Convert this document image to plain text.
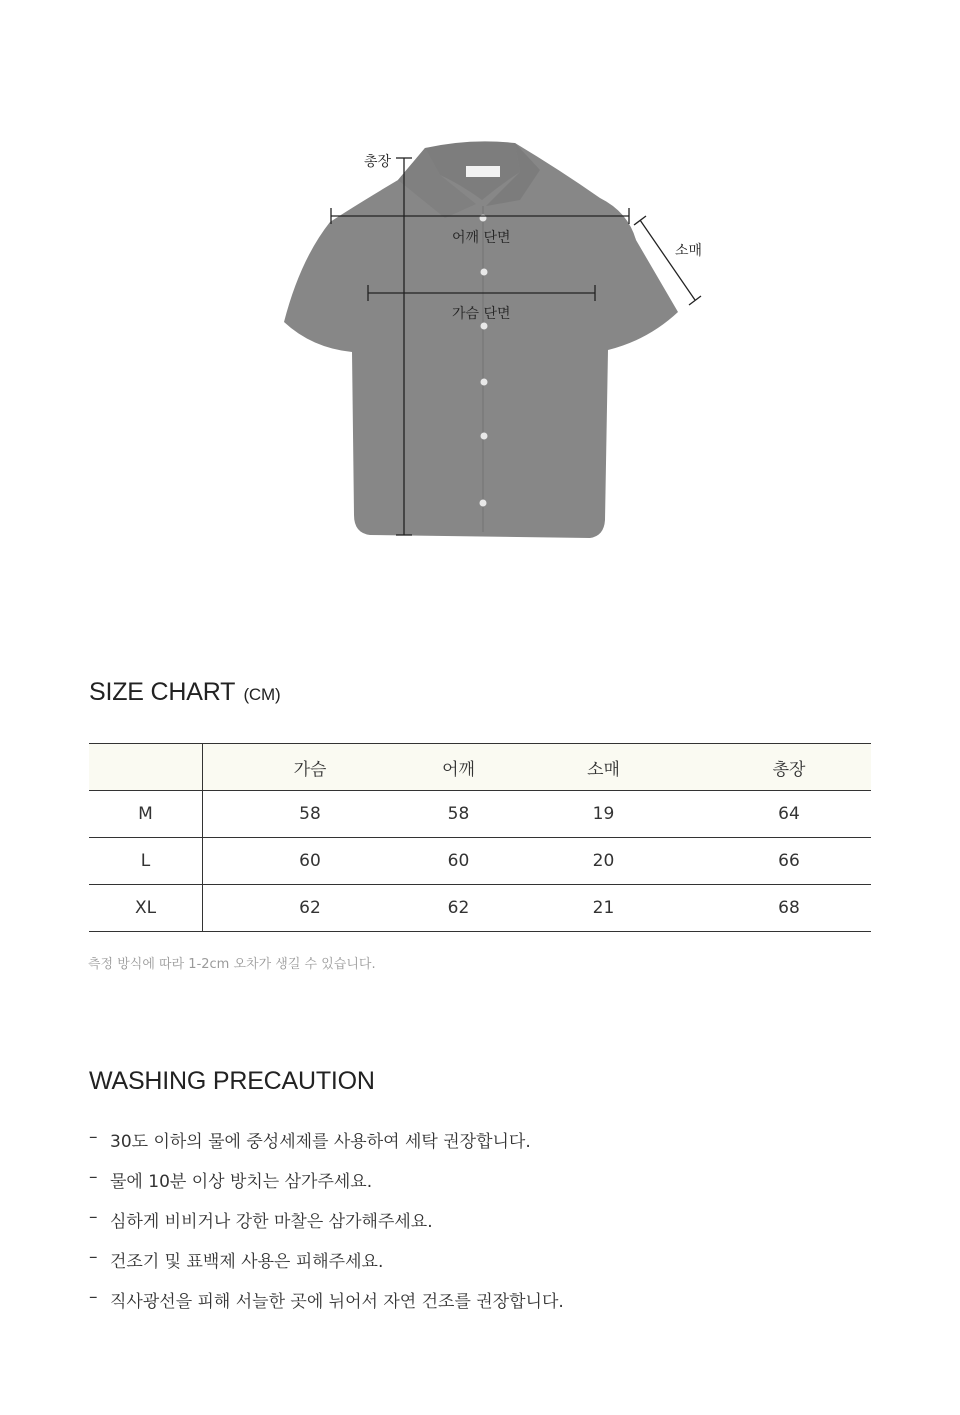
총장
어깨 단면
가슴 단면
소매
SIZE CHART (CM)
	가슴	어깨	소매	총장
M	58	58	19	64
L	60	60	20	66
XL	62	62	21	68
측정 방식에 따라 1-2cm 오차가 생길 수 있습니다.
WASHING PRECAUTION
– 30도 이하의 물에 중성세제를 사용하여 세탁 권장합니다.
– 물에 10분 이상 방치는 삼가주세요.
– 심하게 비비거나 강한 마찰은 삼가해주세요.
– 건조기 및 표백제 사용은 피해주세요.
– 직사광선을 피해 서늘한 곳에 뉘어서 자연 건조를 권장합니다.
